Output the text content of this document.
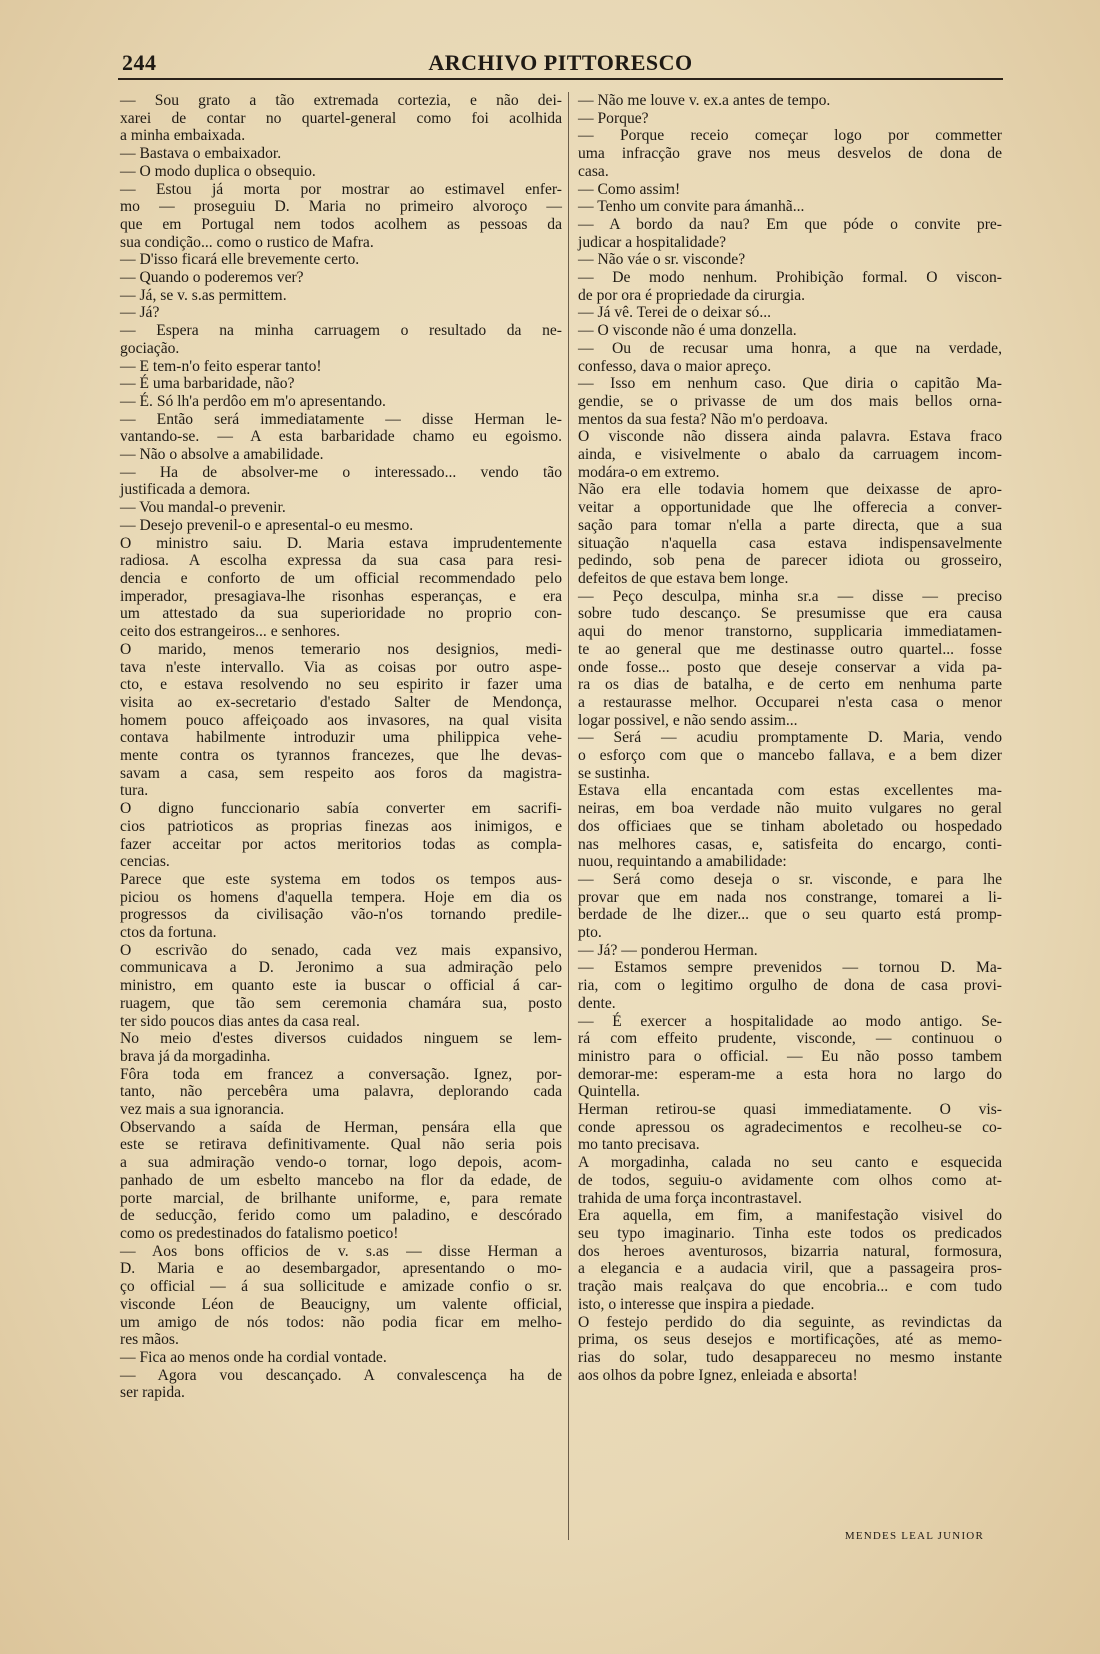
244	ARCHIVO PITTORESCO
— Sou grato a tão extremada cortezia, e não dei-
xarei de contar no quartel-general como foi acolhida
a minha embaixada.
— Bastava o embaixador.
— O modo duplica o obsequio.
— Estou já morta por mostrar ao estimavel enfer-
mo — proseguiu D. Maria no primeiro alvoroço —
que em Portugal nem todos acolhem as pessoas da
sua condição... como o rustico de Mafra.
— D'isso ficará elle brevemente certo.
— Quando o poderemos ver?
— Já, se v. s.as permittem.
— Já?
— Espera na minha carruagem o resultado da ne-
gociação.
— E tem-n'o feito esperar tanto!
— É uma barbaridade, não?
— É. Só lh'a perdôo em m'o apresentando.
— Então será immediatamente — disse Herman le-
vantando-se. — A esta barbaridade chamo eu egoismo.
— Não o absolve a amabilidade.
— Ha de absolver-me o interessado... vendo tão
justificada a demora.
— Vou mandal-o prevenir.
— Desejo prevenil-o e apresental-o eu mesmo.
O ministro saiu. D. Maria estava imprudentemente
radiosa. A escolha expressa da sua casa para resi-
dencia e conforto de um official recommendado pelo
imperador, presagiava-lhe risonhas esperanças, e era
um attestado da sua superioridade no proprio con-
ceito dos estrangeiros... e senhores.
O marido, menos temerario nos designios, medi-
tava n'este intervallo. Via as coisas por outro aspe-
cto, e estava resolvendo no seu espirito ir fazer uma
visita ao ex-secretario d'estado Salter de Mendonça,
homem pouco affeiçoado aos invasores, na qual visita
contava habilmente introduzir uma philippica vehe-
mente contra os tyrannos francezes, que lhe devas-
savam a casa, sem respeito aos foros da magistra-
tura.
O digno funccionario sabía converter em sacrifi-
cios patrioticos as proprias finezas aos inimigos, e
fazer acceitar por actos meritorios todas as compla-
cencias.
Parece que este systema em todos os tempos aus-
piciou os homens d'aquella tempera. Hoje em dia os
progressos da civilisação vão-n'os tornando predile-
ctos da fortuna.
O escrivão do senado, cada vez mais expansivo,
communicava a D. Jeronimo a sua admiração pelo
ministro, em quanto este ia buscar o official á car-
ruagem, que tão sem ceremonia chamára sua, posto
ter sido poucos dias antes da casa real.
No meio d'estes diversos cuidados ninguem se lem-
brava já da morgadinha.
Fôra toda em francez a conversação. Ignez, por-
tanto, não percebêra uma palavra, deplorando cada
vez mais a sua ignorancia.
Observando a saída de Herman, pensára ella que
este se retirava definitivamente. Qual não seria pois
a sua admiração vendo-o tornar, logo depois, acom-
panhado de um esbelto mancebo na flor da edade, de
porte marcial, de brilhante uniforme, e, para remate
de seducção, ferido como um paladino, e descórado
como os predestinados do fatalismo poetico!
— Aos bons officios de v. s.as — disse Herman a
D. Maria e ao desembargador, apresentando o mo-
ço official — á sua sollicitude e amizade confio o sr.
visconde Léon de Beaucigny, um valente official,
um amigo de nós todos: não podia ficar em melho-
res mãos.
— Fica ao menos onde ha cordial vontade.
— Agora vou descançado. A convalescença ha de
ser rapida.
— Não me louve v. ex.a antes de tempo.
— Porque?
— Porque receio começar logo por commetter
uma infracção grave nos meus desvelos de dona de
casa.
— Como assim!
— Tenho um convite para ámanhã...
— A bordo da nau? Em que póde o convite pre-
judicar a hospitalidade?
— Não váe o sr. visconde?
— De modo nenhum. Prohibição formal. O viscon-
de por ora é propriedade da cirurgia.
— Já vê. Terei de o deixar só...
— O visconde não é uma donzella.
— Ou de recusar uma honra, a que na verdade,
confesso, dava o maior apreço.
— Isso em nenhum caso. Que diria o capitão Ma-
gendie, se o privasse de um dos mais bellos orna-
mentos da sua festa? Não m'o perdoava.
O visconde não dissera ainda palavra. Estava fraco
ainda, e visivelmente o abalo da carruagem incom-
modára-o em extremo.
Não era elle todavia homem que deixasse de apro-
veitar a opportunidade que lhe offerecia a conver-
sação para tomar n'ella a parte directa, que a sua
situação n'aquella casa estava indispensavelmente
pedindo, sob pena de parecer idiota ou grosseiro,
defeitos de que estava bem longe.
— Peço desculpa, minha sr.a — disse — preciso
sobre tudo descanço. Se presumisse que era causa
aqui do menor transtorno, supplicaria immediatamen-
te ao general que me destinasse outro quartel... fosse
onde fosse... posto que deseje conservar a vida pa-
ra os dias de batalha, e de certo em nenhuma parte
a restaurasse melhor. Occuparei n'esta casa o menor
logar possivel, e não sendo assim...
— Será — acudiu promptamente D. Maria, vendo
o esforço com que o mancebo fallava, e a bem dizer
se sustinha.
Estava ella encantada com estas excellentes ma-
neiras, em boa verdade não muito vulgares no geral
dos officiaes que se tinham aboletado ou hospedado
nas melhores casas, e, satisfeita do encargo, conti-
nuou, requintando a amabilidade:
— Será como deseja o sr. visconde, e para lhe
provar que em nada nos constrange, tomarei a li-
berdade de lhe dizer... que o seu quarto está promp-
pto.
— Já? — ponderou Herman.
— Estamos sempre prevenidos — tornou D. Ma-
ria, com o legitimo orgulho de dona de casa provi-
dente.
— É exercer a hospitalidade ao modo antigo. Se-
rá com effeito prudente, visconde, — continuou o
ministro para o official. — Eu não posso tambem
demorar-me: esperam-me a esta hora no largo do
Quintella.
Herman retirou-se quasi immediatamente. O vis-
conde apressou os agradecimentos e recolheu-se co-
mo tanto precisava.
A morgadinha, calada no seu canto e esquecida
de todos, seguiu-o avidamente com olhos como at-
trahida de uma força incontrastavel.
Era aquella, em fim, a manifestação visivel do
seu typo imaginario. Tinha este todos os predicados
dos heroes aventurosos, bizarria natural, formosura,
a elegancia e a audacia viril, que a passageira pros-
tração mais realçava do que encobria... e com tudo
isto, o interesse que inspira a piedade.
O festejo perdido do dia seguinte, as revindictas da
prima, os seus desejos e mortificações, até as memo-
rias do solar, tudo desappareceu no mesmo instante
aos olhos da pobre Ignez, enleiada e absorta!
MENDES LEAL JUNIOR
